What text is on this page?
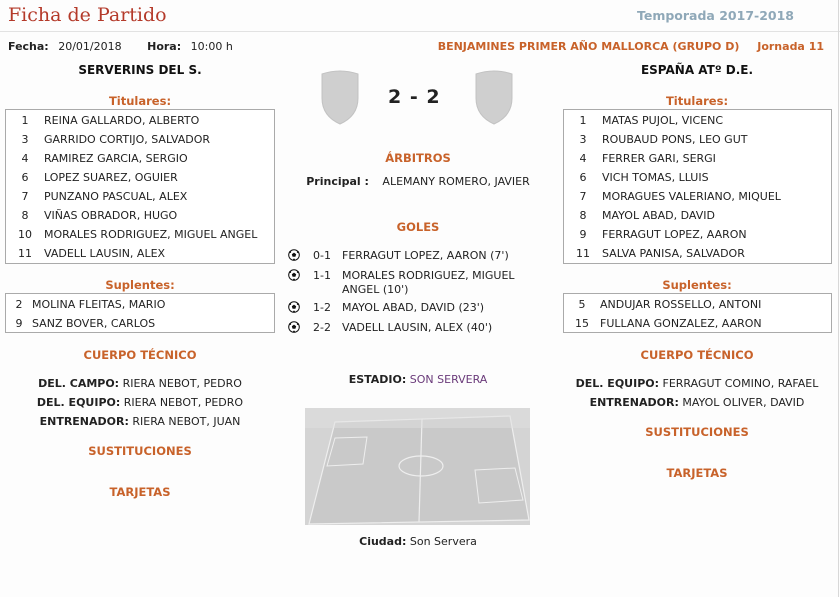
Ficha de Partido	Temporada 2017-2018
Fecha: 20/01/2018 Hora: 10:00 h	BENJAMINES PRIMER AÑO MALLORCA (GRUPO D) Jornada 11
SERVERINS DEL S.
Titulares:
1	REINA GALLARDO, ALBERTO
3	GARRIDO CORTIJO, SALVADOR
4	RAMIREZ GARCIA, SERGIO
6	LOPEZ SUAREZ, OGUIER
7	PUNZANO PASCUAL, ALEX
8	VIÑAS OBRADOR, HUGO
10	MORALES RODRIGUEZ, MIGUEL ANGEL
11	VADELL LAUSIN, ALEX
Suplentes:
2 MOLINA FLEITAS, MARIO
9 SANZ BOVER, CARLOS
CUERPO TÉCNICO
DEL. CAMPO: RIERA NEBOT, PEDRO
DEL. EQUIPO: RIERA NEBOT, PEDRO
ENTRENADOR: RIERA NEBOT, JUAN
SUSTITUCIONES
TARJETAS
2 - 2
ÁRBITROS
Principal : ALEMANY ROMERO, JAVIER
GOLES
0-1	FERRAGUT LOPEZ, AARON (7')
1-1	MORALES RODRIGUEZ, MIGUEL ANGEL (10')
1-2	MAYOL ABAD, DAVID (23')
2-2	VADELL LAUSIN, ALEX (40')
ESTADIO: SON SERVERA
Ciudad: Son Servera
ESPAÑA ATº D.E.
Titulares:
1	MATAS PUJOL, VICENC
3	ROUBAUD PONS, LEO GUT
4	FERRER GARI, SERGI
6	VICH TOMAS, LLUIS
7	MORAGUES VALERIANO, MIQUEL
8	MAYOL ABAD, DAVID
9	FERRAGUT LOPEZ, AARON
11	SALVA PANISA, SALVADOR
Suplentes:
5	ANDUJAR ROSSELLO, ANTONI
15	FULLANA GONZALEZ, AARON
CUERPO TÉCNICO
DEL. EQUIPO: FERRAGUT COMINO, RAFAEL
ENTRENADOR: MAYOL OLIVER, DAVID
SUSTITUCIONES
TARJETAS
